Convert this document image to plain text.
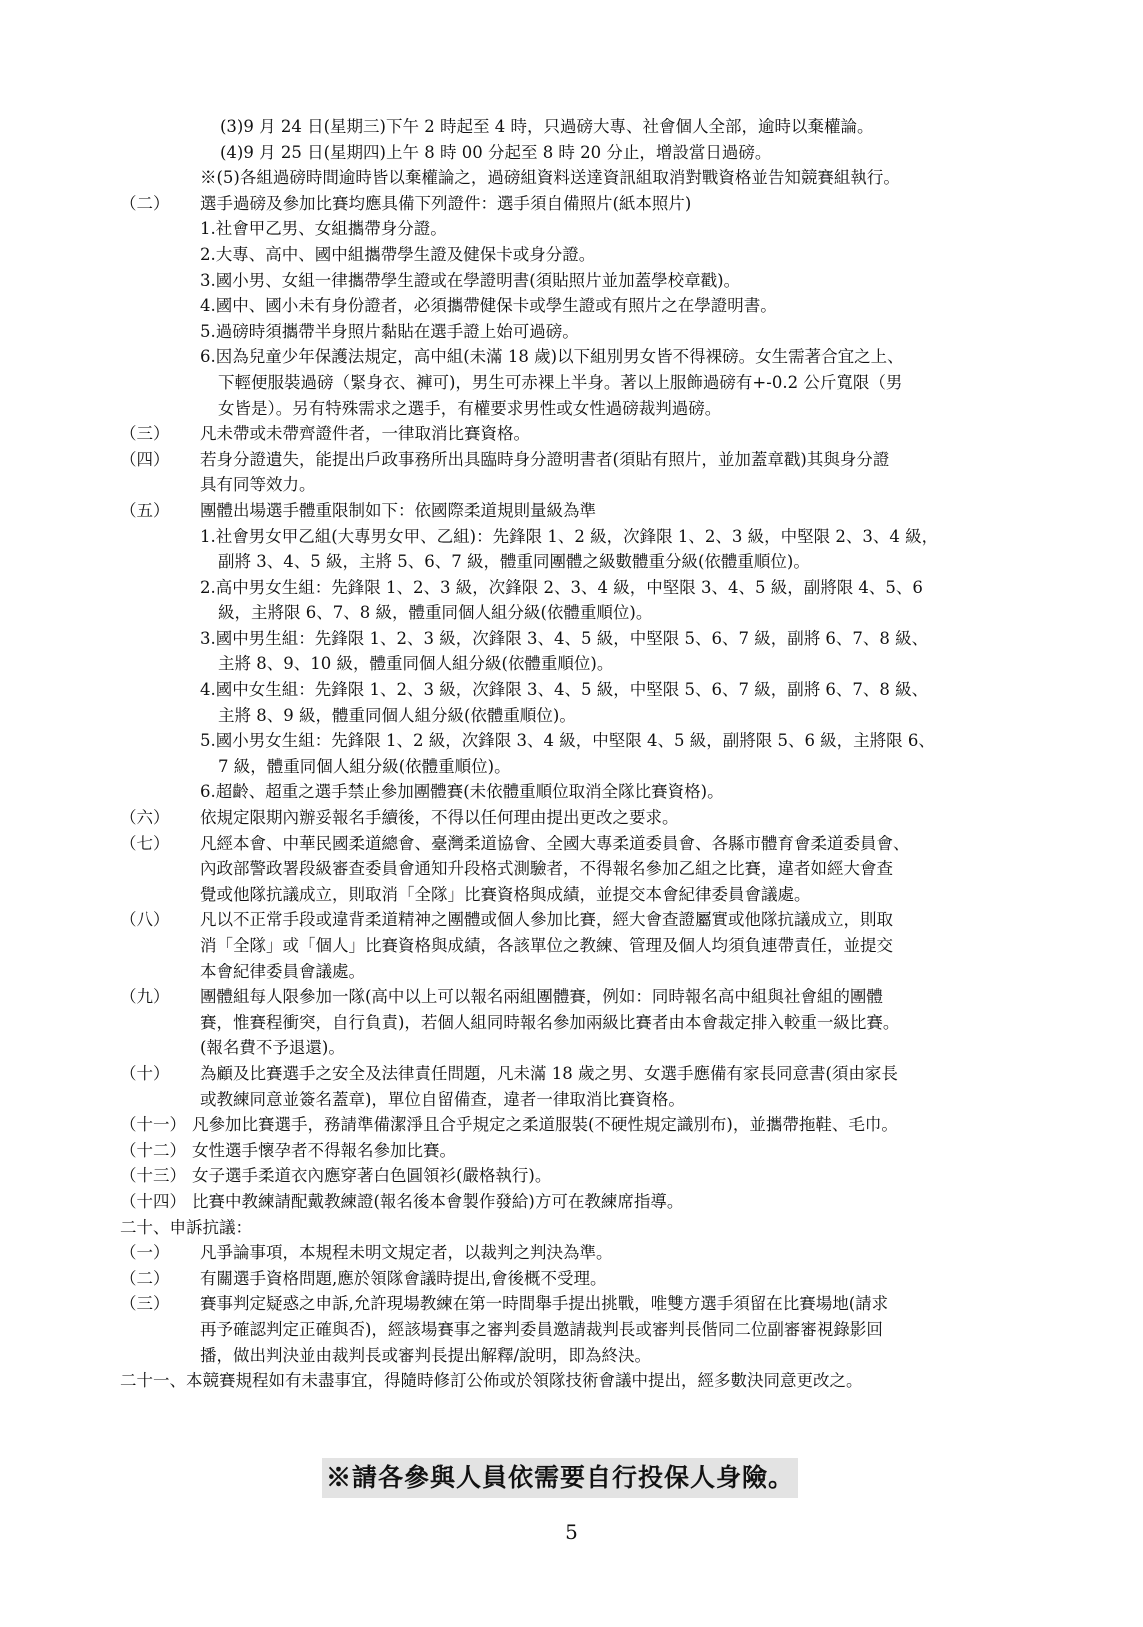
(3)9 月 24 日(星期三)下午 2 時起至 4 時，只過磅大專、社會個人全部，逾時以棄權論。
(4)9 月 25 日(星期四)上午 8 時 00 分起至 8 時 20 分止，增設當日過磅。
※(5)各組過磅時間逾時皆以棄權論之，過磅組資料送達資訊組取消對戰資格並告知競賽組執行。
（二）	選手過磅及參加比賽均應具備下列證件：選手須自備照片(紙本照片)
1.社會甲乙男、女組攜帶身分證。
2.大專、高中、國中組攜帶學生證及健保卡或身分證。
3.國小男、女組一律攜帶學生證或在學證明書(須貼照片並加蓋學校章戳)。
4.國中、國小未有身份證者，必須攜帶健保卡或學生證或有照片之在學證明書。
5.過磅時須攜帶半身照片黏貼在選手證上始可過磅。
6.因為兒童少年保護法規定，高中組(未滿 18 歲)以下組別男女皆不得裸磅。女生需著合宜之上、
下輕便服裝過磅（緊身衣、褲可)，男生可赤裸上半身。著以上服飾過磅有+-0.2 公斤寬限（男
女皆是）。另有特殊需求之選手，有權要求男性或女性過磅裁判過磅。
（三）	凡未帶或未帶齊證件者，一律取消比賽資格。
（四）	若身分證遺失，能提出戶政事務所出具臨時身分證明書者(須貼有照片，並加蓋章戳)其與身分證
具有同等效力。
（五）	團體出場選手體重限制如下：依國際柔道規則量級為準
1.社會男女甲乙組(大專男女甲、乙組)：先鋒限 1、2 級，次鋒限 1、2、3 級，中堅限 2、3、4 級，
副將 3、4、5 級，主將 5、6、7 級，體重同團體之級數體重分級(依體重順位)。
2.高中男女生組：先鋒限 1、2、3 級，次鋒限 2、3、4 級，中堅限 3、4、5 級，副將限 4、5、6
級，主將限 6、7、8 級，體重同個人組分級(依體重順位)。
3.國中男生組：先鋒限 1、2、3 級，次鋒限 3、4、5 級，中堅限 5、6、7 級，副將 6、7、8 級、
主將 8、9、10 級，體重同個人組分級(依體重順位)。
4.國中女生組：先鋒限 1、2、3 級，次鋒限 3、4、5 級，中堅限 5、6、7 級，副將 6、7、8 級、
主將 8、9 級，體重同個人組分級(依體重順位)。
5.國小男女生組：先鋒限 1、2 級，次鋒限 3、4 級，中堅限 4、5 級，副將限 5、6 級，主將限 6、
7 級，體重同個人組分級(依體重順位)。
6.超齡、超重之選手禁止參加團體賽(未依體重順位取消全隊比賽資格)。
（六）	依規定限期內辦妥報名手續後，不得以任何理由提出更改之要求。
（七）	凡經本會、中華民國柔道總會、臺灣柔道協會、全國大專柔道委員會、各縣市體育會柔道委員會、
內政部警政署段級審查委員會通知升段格式測驗者，不得報名參加乙組之比賽，違者如經大會查
覺或他隊抗議成立，則取消「全隊」比賽資格與成績，並提交本會紀律委員會議處。
（八）	凡以不正常手段或違背柔道精神之團體或個人參加比賽，經大會查證屬實或他隊抗議成立，則取
消「全隊」或「個人」比賽資格與成績，各該單位之教練、管理及個人均須負連帶責任，並提交
本會紀律委員會議處。
（九）	團體組每人限參加一隊(高中以上可以報名兩組團體賽，例如：同時報名高中組與社會組的團體
賽，惟賽程衝突，自行負責)，若個人組同時報名參加兩級比賽者由本會裁定排入較重一級比賽。
(報名費不予退還)。
（十）	為顧及比賽選手之安全及法律責任問題，凡未滿 18 歲之男、女選手應備有家長同意書(須由家長
或教練同意並簽名蓋章)，單位自留備查，違者一律取消比賽資格。
（十一） 凡參加比賽選手，務請準備潔淨且合乎規定之柔道服裝(不硬性規定識別布)，並攜帶拖鞋、毛巾。
（十二） 女性選手懷孕者不得報名參加比賽。
（十三） 女子選手柔道衣內應穿著白色圓領衫(嚴格執行)。
（十四） 比賽中教練請配戴教練證(報名後本會製作發給)方可在教練席指導。
二十、 申訴抗議：
（一）	凡爭論事項，本規程未明文規定者，以裁判之判決為準。
（二）	有關選手資格問題,應於領隊會議時提出,會後概不受理。
（三）	賽事判定疑惑之申訴,允許現場教練在第一時間舉手提出挑戰，唯雙方選手須留在比賽場地(請求
再予確認判定正確與否)，經該場賽事之審判委員邀請裁判長或審判長偕同二位副審審視錄影回
播，做出判決並由裁判長或審判長提出解釋/說明，即為終決。
二十一、 本競賽規程如有未盡事宜，得隨時修訂公佈或於領隊技術會議中提出，經多數決同意更改之。
※請各參與人員依需要自行投保人身險。
5
